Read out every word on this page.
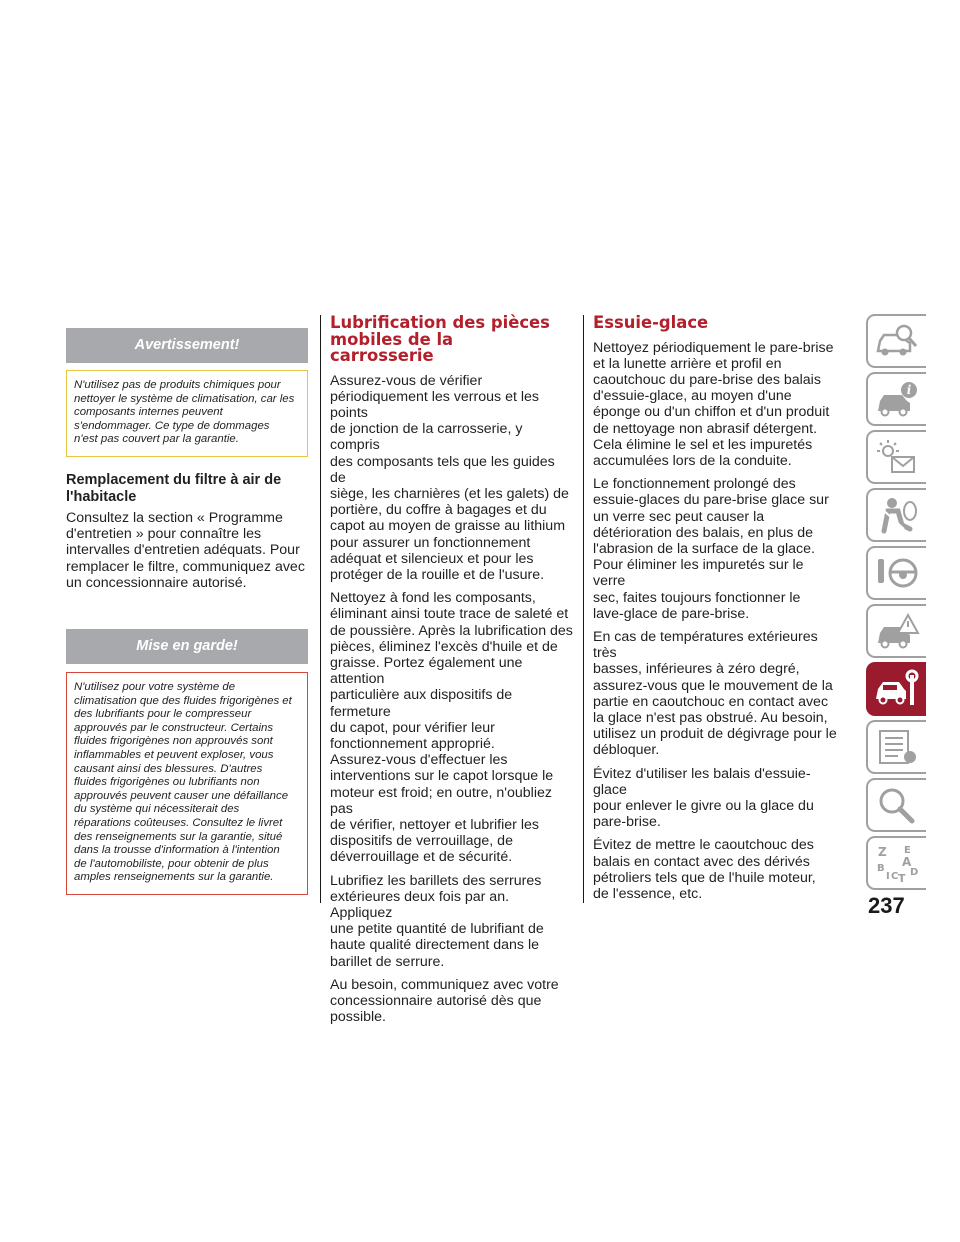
Avertissement!
N'utilisez pas de produits chimiques pour
nettoyer le système de climatisation, car les
composants internes peuvent
s'endommager. Ce type de dommages
n'est pas couvert par la garantie.
Remplacement du filtre à air de
l'habitacle

Consultez la section « Programme
d'entretien » pour connaître les
intervalles d'entretien adéquats. Pour
remplacer le filtre, communiquez avec
un concessionnaire autorisé.

Mise en garde!
N'utilisez pour votre système de
climatisation que des fluides frigorigènes et
des lubrifiants pour le compresseur
approuvés par le constructeur. Certains
fluides frigorigènes non approuvés sont
inflammables et peuvent exploser, vous
causant ainsi des blessures. D'autres
fluides frigorigènes ou lubrifiants non
approuvés peuvent causer une défaillance
du système qui nécessiterait des
réparations coûteuses. Consultez le livret
des renseignements sur la garantie, situé
dans la trousse d'information à l'intention
de l'automobiliste, pour obtenir de plus
amples renseignements sur la garantie.
Lubrification des pièces
mobiles de la
carrosserie

Assurez-vous de vérifier
périodiquement les verrous et les points
de jonction de la carrosserie, y compris
des composants tels que les guides de
siège, les charnières (et les galets) de
portière, du coffre à bagages et du
capot au moyen de graisse au lithium
pour assurer un fonctionnement
adéquat et silencieux et pour les
protéger de la rouille et de l'usure.

Nettoyez à fond les composants,
éliminant ainsi toute trace de saleté et
de poussière. Après la lubrification des
pièces, éliminez l'excès d'huile et de
graisse. Portez également une attention
particulière aux dispositifs de fermeture
du capot, pour vérifier leur
fonctionnement approprié.
Assurez-vous d'effectuer les
interventions sur le capot lorsque le
moteur est froid; en outre, n'oubliez pas
de vérifier, nettoyer et lubrifier les
dispositifs de verrouillage, de
déverrouillage et de sécurité.

Lubrifiez les barillets des serrures
extérieures deux fois par an. Appliquez
une petite quantité de lubrifiant de
haute qualité directement dans le
barillet de serrure.

Au besoin, communiquez avec votre
concessionnaire autorisé dès que
possible.

Essuie-glace

Nettoyez périodiquement le pare-brise
et la lunette arrière et profil en
caoutchouc du pare-brise des balais
d'essuie-glace, au moyen d'une
éponge ou d'un chiffon et d'un produit
de nettoyage non abrasif détergent.
Cela élimine le sel et les impuretés
accumulées lors de la conduite.

Le fonctionnement prolongé des
essuie-glaces du pare-brise glace sur
un verre sec peut causer la
détérioration des balais, en plus de
l'abrasion de la surface de la glace.
Pour éliminer les impuretés sur le verre
sec, faites toujours fonctionner le
lave-glace de pare-brise.

En cas de températures extérieures très
basses, inférieures à zéro degré,
assurez-vous que le mouvement de la
partie en caoutchouc en contact avec
la glace n'est pas obstrué. Au besoin,
utilisez un produit de dégivrage pour le
débloquer.

Évitez d'utiliser les balais d'essuie-glace
pour enlever le givre ou la glace du
pare-brise.

Évitez de mettre le caoutchouc des
balais en contact avec des dérivés
pétroliers tels que de l'huile moteur,
de l'essence, etc.

i
Z E
A
B	D
I C T
237
